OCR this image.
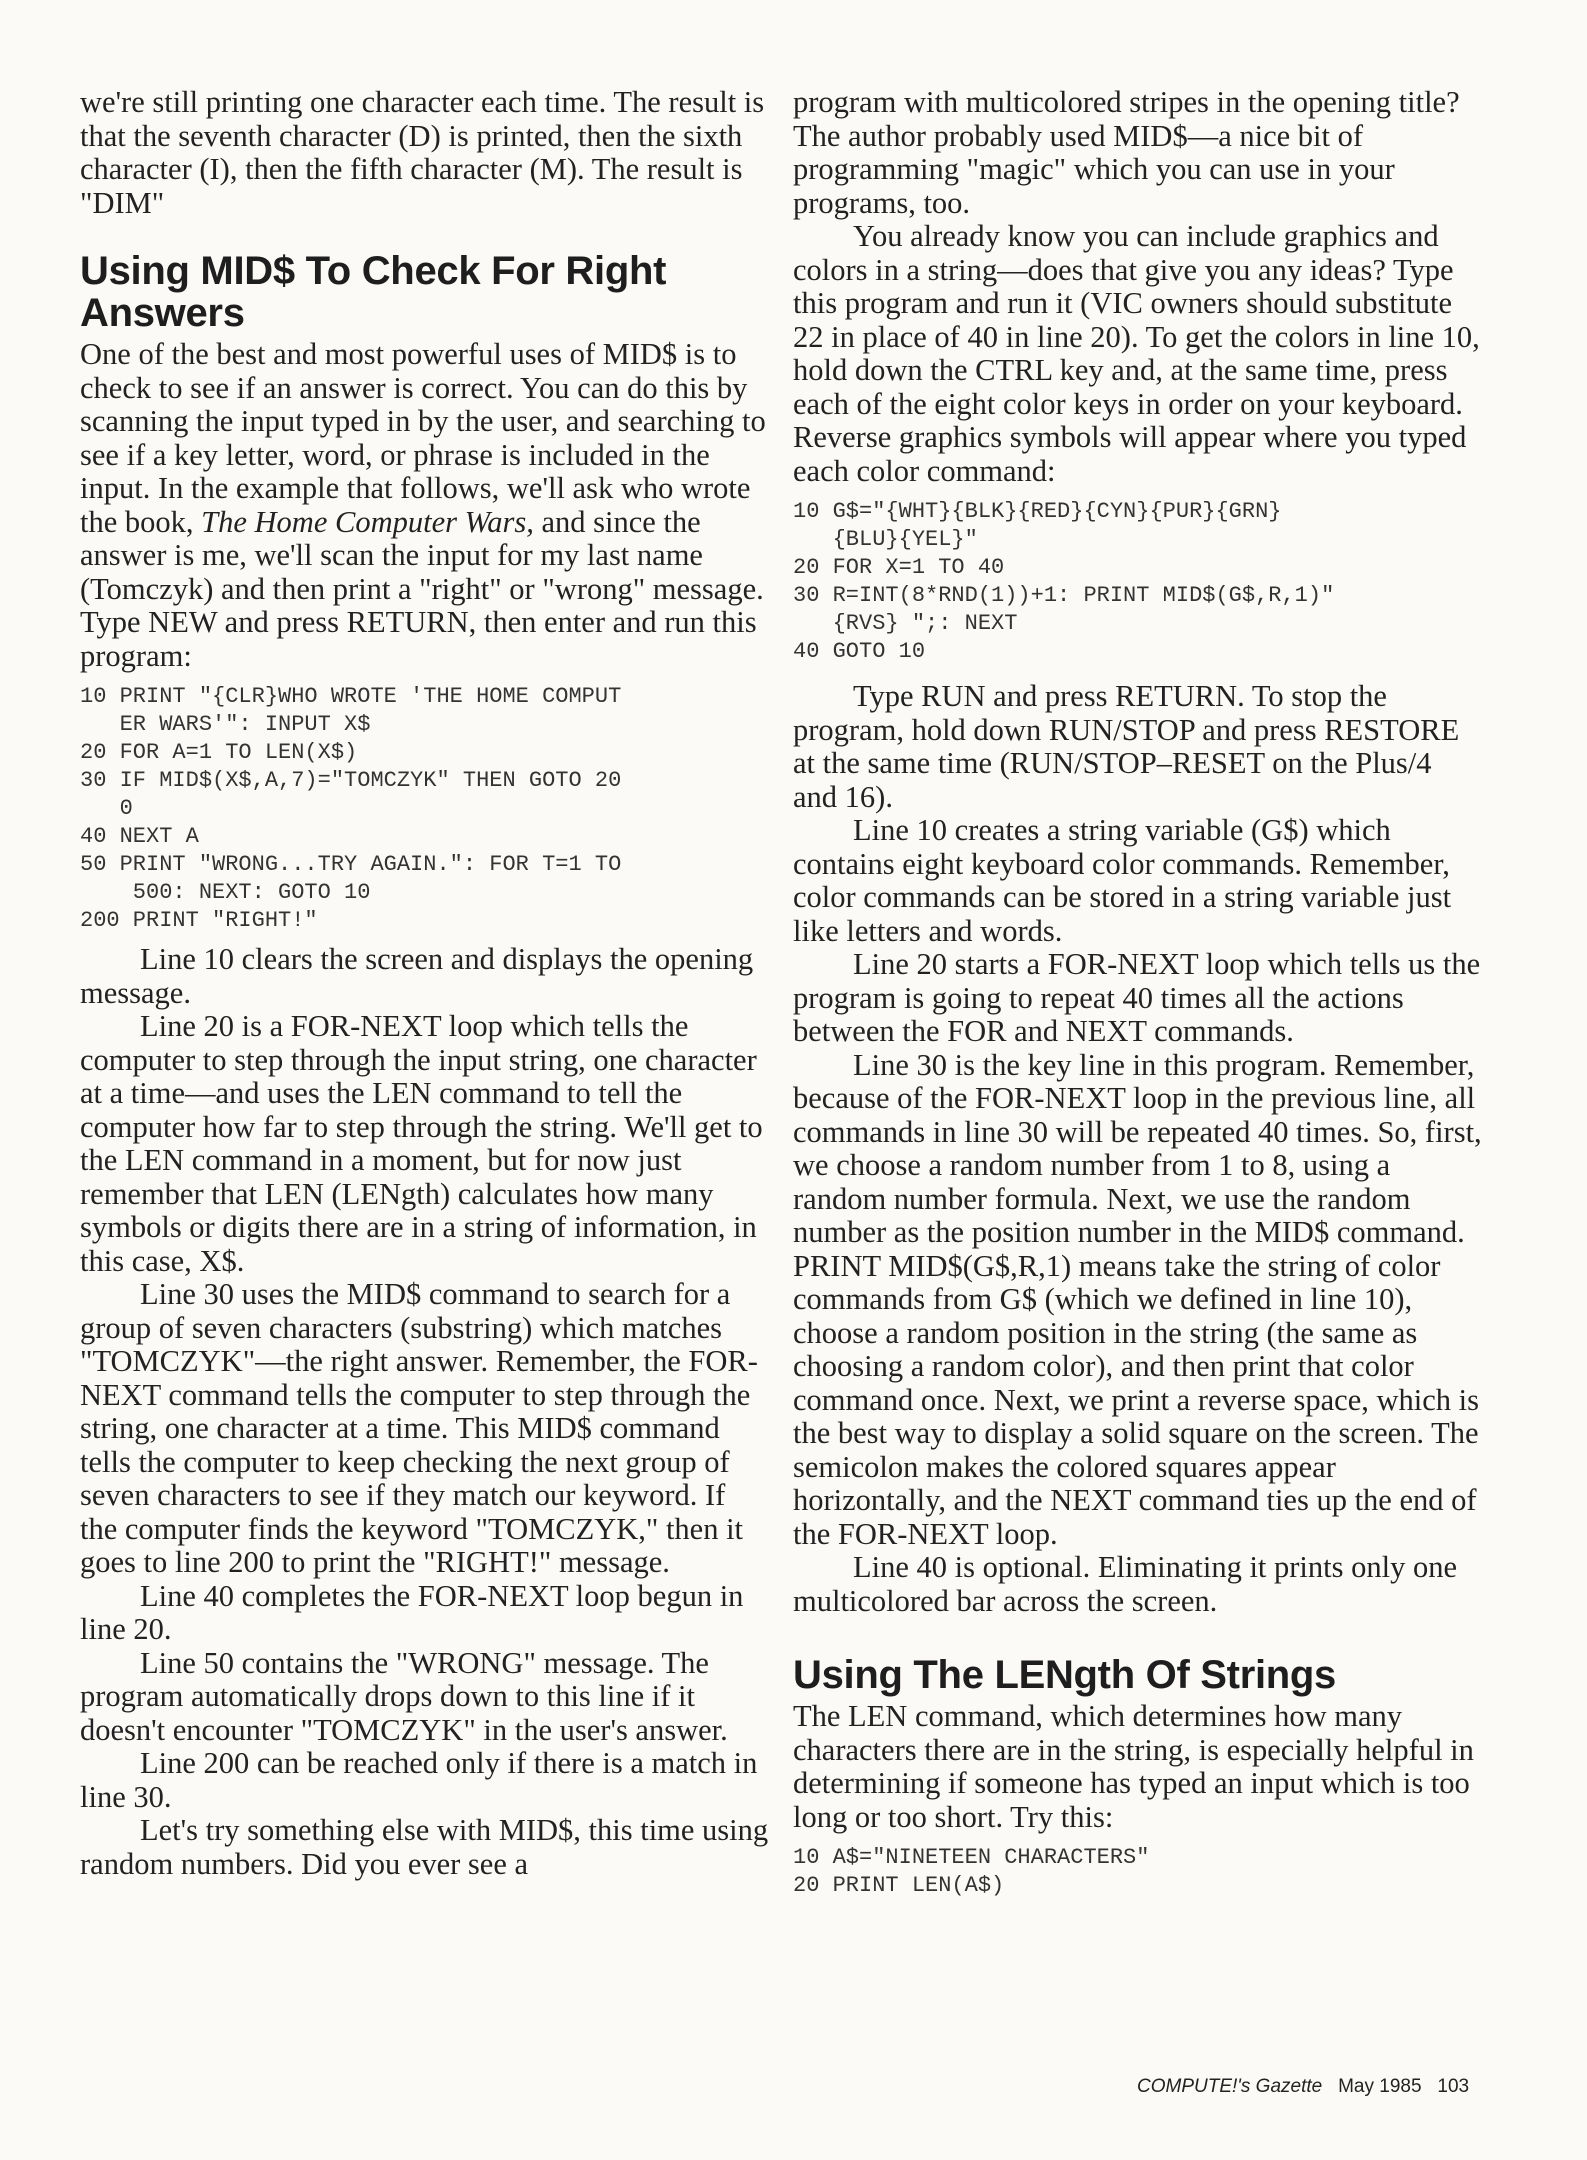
we're still printing one character each time. The result is that the seventh character (D) is printed, then the sixth character (I), then the fifth character (M). The result is "DIM"

Using MID$ To Check For Right Answers

One of the best and most powerful uses of MID$ is to check to see if an answer is correct. You can do this by scanning the input typed in by the user, and searching to see if a key letter, word, or phrase is included in the input. In the example that follows, we'll ask who wrote the book, The Home Computer Wars, and since the answer is me, we'll scan the input for my last name (Tomczyk) and then print a "right" or "wrong" message. Type NEW and press RETURN, then enter and run this program:

10 PRINT "{CLR}WHO WROTE 'THE HOME COMPUT
ER WARS'": INPUT X$
20 FOR A=1 TO LEN(X$)
30 IF MID$(X$,A,7)="TOMCZYK" THEN GOTO 20
0
40 NEXT A
50 PRINT "WRONG...TRY AGAIN.": FOR T=1 TO
500: NEXT: GOTO 10
200 PRINT "RIGHT!"

Line 10 clears the screen and displays the opening message.

Line 20 is a FOR-NEXT loop which tells the computer to step through the input string, one character at a time—and uses the LEN command to tell the computer how far to step through the string. We'll get to the LEN command in a moment, but for now just remember that LEN (LENgth) calculates how many symbols or digits there are in a string of information, in this case, X$.

Line 30 uses the MID$ command to search for a group of seven characters (substring) which matches "TOMCZYK"—the right answer. Remember, the FOR-NEXT command tells the computer to step through the string, one character at a time. This MID$ command tells the computer to keep checking the next group of seven characters to see if they match our keyword. If the computer finds the keyword "TOMCZYK," then it goes to line 200 to print the "RIGHT!" message.

Line 40 completes the FOR-NEXT loop begun in line 20.

Line 50 contains the "WRONG" message. The program automatically drops down to this line if it doesn't encounter "TOMCZYK" in the user's answer.

Line 200 can be reached only if there is a match in line 30.

Let's try something else with MID$, this time using random numbers. Did you ever see a

program with multicolored stripes in the opening title? The author probably used MID$—a nice bit of programming "magic" which you can use in your programs, too.

You already know you can include graphics and colors in a string—does that give you any ideas? Type this program and run it (VIC owners should substitute 22 in place of 40 in line 20). To get the colors in line 10, hold down the CTRL key and, at the same time, press each of the eight color keys in order on your keyboard. Reverse graphics symbols will appear where you typed each color command:

10 G$="{WHT}{BLK}{RED}{CYN}{PUR}{GRN}
{BLU}{YEL}"
20 FOR X=1 TO 40
30 R=INT(8*RND(1))+1: PRINT MID$(G$,R,1)"
{RVS} ";: NEXT
40 GOTO 10

Type RUN and press RETURN. To stop the program, hold down RUN/STOP and press RESTORE at the same time (RUN/STOP–RESET on the Plus/4 and 16).

Line 10 creates a string variable (G$) which contains eight keyboard color commands. Remember, color commands can be stored in a string variable just like letters and words.

Line 20 starts a FOR-NEXT loop which tells us the program is going to repeat 40 times all the actions between the FOR and NEXT commands.

Line 30 is the key line in this program. Remember, because of the FOR-NEXT loop in the previous line, all commands in line 30 will be repeated 40 times. So, first, we choose a random number from 1 to 8, using a random number formula. Next, we use the random number as the position number in the MID$ command. PRINT MID$(G$,R,1) means take the string of color commands from G$ (which we defined in line 10), choose a random position in the string (the same as choosing a random color), and then print that color command once. Next, we print a reverse space, which is the best way to display a solid square on the screen. The semicolon makes the colored squares appear horizontally, and the NEXT command ties up the end of the FOR-NEXT loop.

Line 40 is optional. Eliminating it prints only one multicolored bar across the screen.

Using The LENgth Of Strings

The LEN command, which determines how many characters there are in the string, is especially helpful in determining if someone has typed an input which is too long or too short. Try this:

10 A$="NINETEEN CHARACTERS"
20 PRINT LEN(A$)
COMPUTE!'s Gazette May 1985 103
